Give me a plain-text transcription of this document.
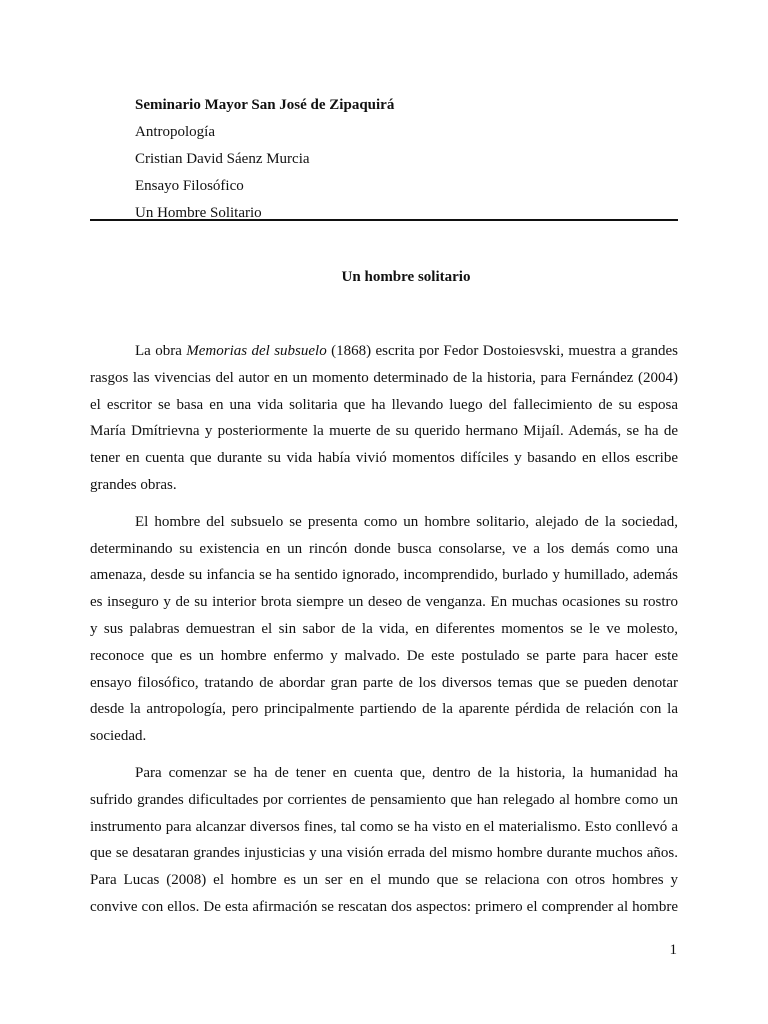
Seminario Mayor San José de Zipaquirá
Antropología
Cristian David Sáenz Murcia
Ensayo Filosófico
Un Hombre Solitario
Un hombre solitario
La obra Memorias del subsuelo (1868) escrita por Fedor Dostoiesvski, muestra a grandes
rasgos las vivencias del autor en un momento determinado de la historia, para Fernández (2004)
el escritor se basa en una vida solitaria que ha llevando luego del fallecimiento de su esposa
María Dmítrievna y posteriormente la muerte de su querido hermano Mijaíl. Además, se ha de
tener en cuenta que durante su vida había vivió momentos difíciles y basando en ellos escribe
grandes obras.
El hombre del subsuelo se presenta como un hombre solitario, alejado de la sociedad,
determinando su existencia en un rincón donde busca consolarse, ve a los demás como una
amenaza, desde su infancia se ha sentido ignorado, incomprendido, burlado y humillado, además
es inseguro y de su interior brota siempre un deseo de venganza. En muchas ocasiones su rostro
y sus palabras demuestran el sin sabor de la vida, en diferentes momentos se le ve molesto,
reconoce que es un hombre enfermo y malvado. De este postulado se parte para hacer este
ensayo filosófico, tratando de abordar gran parte de los diversos temas que se pueden denotar
desde la antropología, pero principalmente partiendo de la aparente pérdida de relación con la
sociedad.
Para comenzar se ha de tener en cuenta que, dentro de la historia, la humanidad ha
sufrido grandes dificultades por corrientes de pensamiento que han relegado al hombre como un
instrumento para alcanzar diversos fines, tal como se ha visto en el materialismo. Esto conllevó a
que se desataran grandes injusticias y una visión errada del mismo hombre durante muchos años.
Para Lucas (2008) el hombre es un ser en el mundo que se relaciona con otros hombres y
convive con ellos. De esta afirmación se rescatan dos aspectos: primero el comprender al hombre
1
